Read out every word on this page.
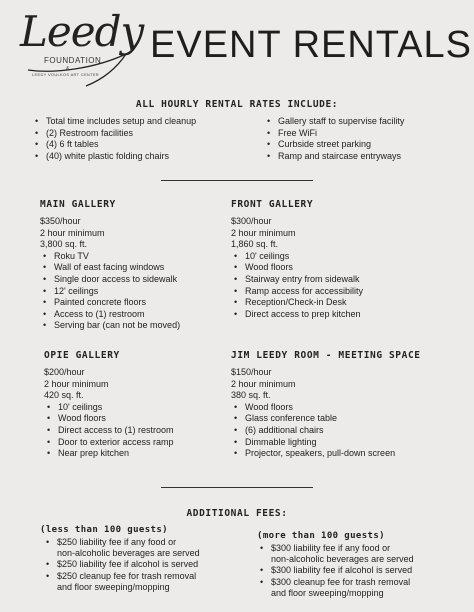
Leedy
FOUNDATION
&
LEEDY VOULKOS ART CENTER
EVENT RENTALS
ALL HOURLY RENTAL RATES INCLUDE:
• Total time includes setup and cleanup
• (2) Restroom facilities
• (4) 6 ft tables
• (40) white plastic folding chairs
• Gallery staff to supervise facility
• Free WiFi
• Curbside street parking
• Ramp and staircase entryways
MAIN GALLERY
$350/hour
2 hour minimum
3,800 sq. ft.
• Roku TV
• Wall of east facing windows
• Single door access to sidewalk
• 12' ceilings
• Painted concrete floors
• Access to (1) restroom
• Serving bar (can not be moved)
FRONT GALLERY
$300/hour
2 hour minimum
1,860 sq. ft.
• 10' ceilings
• Wood floors
• Stairway entry from sidewalk
• Ramp access for accessibility
• Reception/Check-in Desk
• Direct access to prep kitchen
OPIE GALLERY
$200/hour
2 hour minimum
420 sq. ft.
• 10' ceilings
• Wood floors
• Direct access to (1) restroom
• Door to exterior access ramp
• Near prep kitchen
JIM LEEDY ROOM - MEETING SPACE
$150/hour
2 hour minimum
380 sq. ft.
• Wood floors
• Glass conference table
• (6) additional chairs
• Dimmable lighting
• Projector, speakers, pull-down screen
ADDITIONAL FEES:
(less than 100 guests)
• $250 liability fee if any food or
non-alcoholic beverages are served
• $250 liability fee if alcohol is served
• $250 cleanup fee for trash removal
and floor sweeping/mopping
(more than 100 guests)
• $300 liability fee if any food or
non-alcoholic beverages are served
• $300 liability fee if alcohol is served
• $300 cleanup fee for trash removal
and floor sweeping/mopping
